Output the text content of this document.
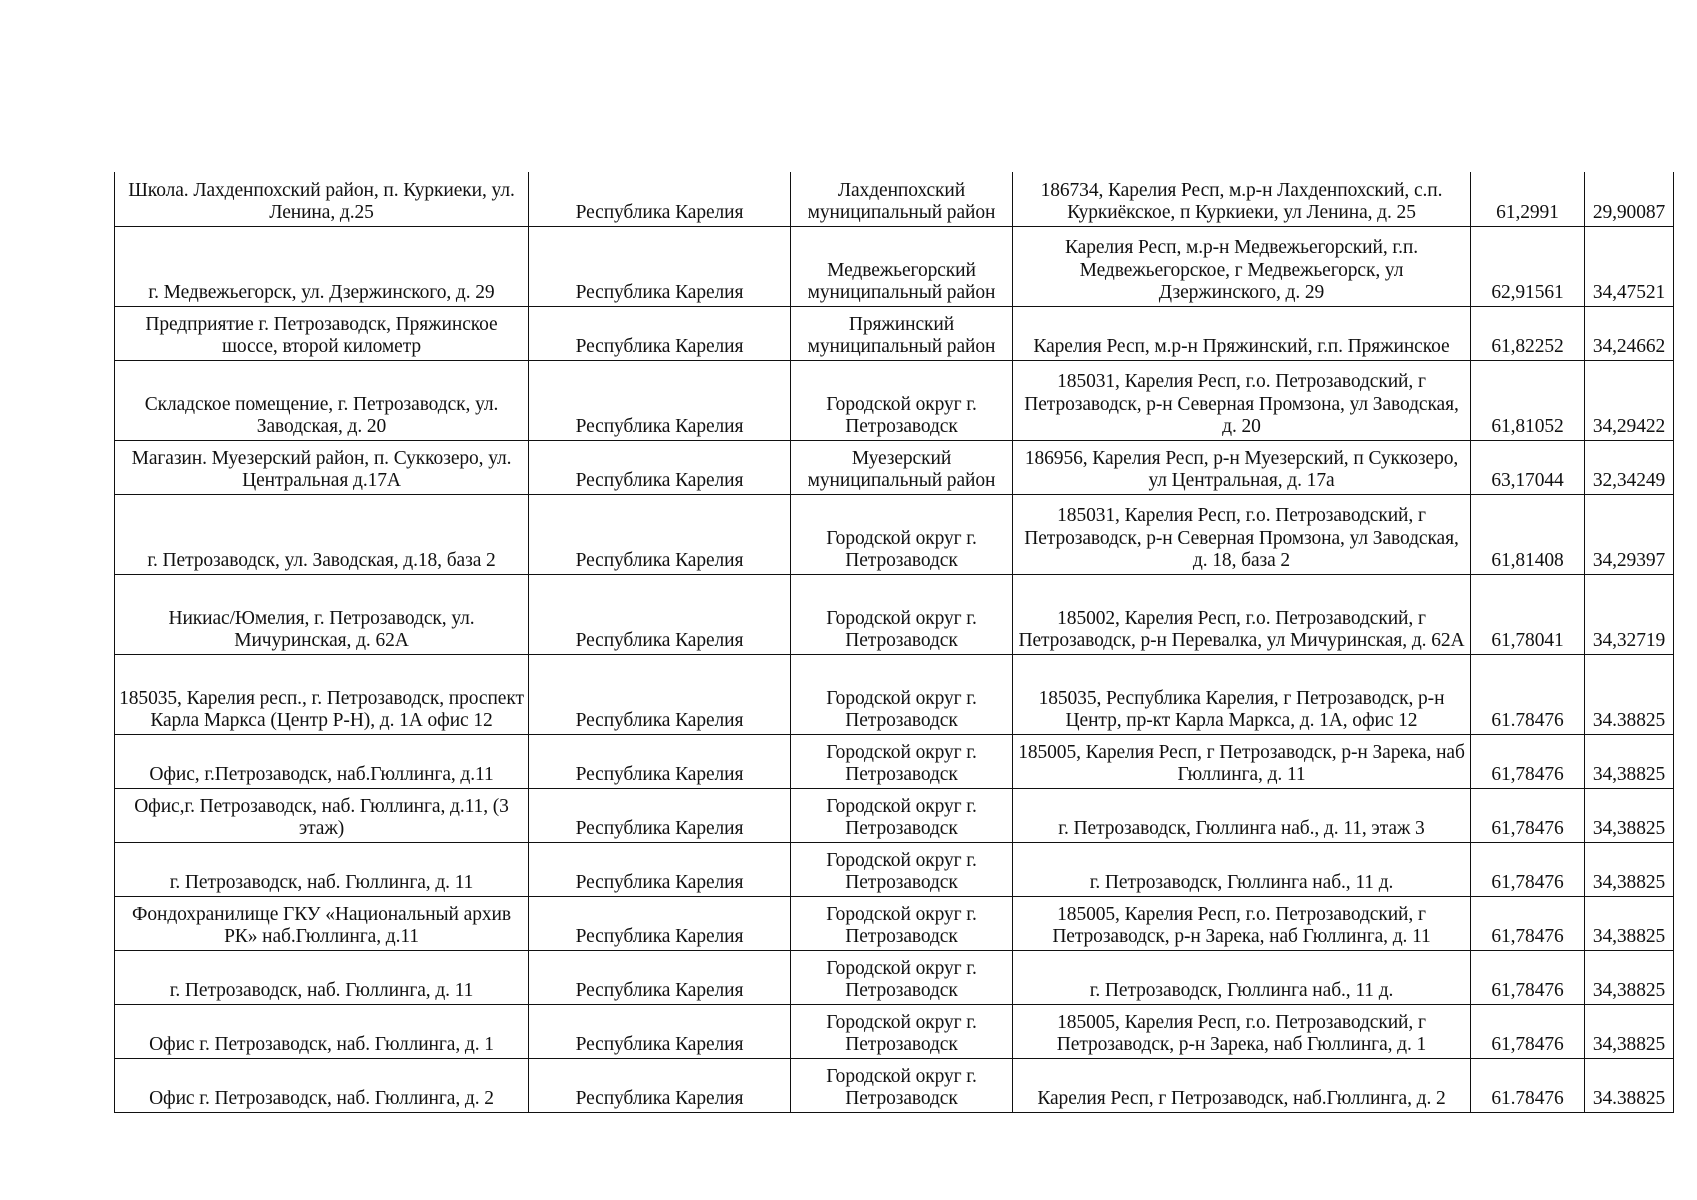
Школа. Лахденпохский район, п. Куркиеки, ул. Ленина, д.25	Республика Карелия	Лахденпохский муниципальный район	186734, Карелия Респ, м.р-н Лахденпохский, с.п. Куркиёкское, п Куркиеки, ул Ленина, д. 25	61,2991	29,90087
г. Медвежьегорск, ул. Дзержинского, д. 29	Республика Карелия	Медвежьегорский муниципальный район	Карелия Респ, м.р-н Медвежьегорский, г.п. Медвежьегорское, г Медвежьегорск, ул Дзержинского, д. 29	62,91561	34,47521
Предприятие г. Петрозаводск, Пряжинское шоссе, второй километр	Республика Карелия	Пряжинский муниципальный район	Карелия Респ, м.р-н Пряжинский, г.п. Пряжинское	61,82252	34,24662
Складское помещение, г. Петрозаводск, ул. Заводская, д. 20	Республика Карелия	Городской округ г. Петрозаводск	185031, Карелия Респ, г.о. Петрозаводский, г Петрозаводск, р-н Северная Промзона, ул Заводская, д. 20	61,81052	34,29422
Магазин. Муезерский район, п. Суккозеро, ул. Центральная д.17А	Республика Карелия	Муезерский муниципальный район	186956, Карелия Респ, р-н Муезерский, п Суккозеро, ул Центральная, д. 17а	63,17044	32,34249
г. Петрозаводск, ул. Заводская, д.18, база 2	Республика Карелия	Городской округ г. Петрозаводск	185031, Карелия Респ, г.о. Петрозаводский, г Петрозаводск, р-н Северная Промзона, ул Заводская, д. 18, база 2	61,81408	34,29397
Никиас/Юмелия, г. Петрозаводск, ул. Мичуринская, д. 62А	Республика Карелия	Городской округ г. Петрозаводск	185002, Карелия Респ, г.о. Петрозаводский, г Петрозаводск, р-н Перевалка, ул Мичуринская, д. 62А	61,78041	34,32719
185035, Карелия респ., г. Петрозаводск, проспект Карла Маркса (Центр Р-Н), д. 1А офис 12	Республика Карелия	Городской округ г. Петрозаводск	185035, Республика Карелия, г Петрозаводск, р-н Центр, пр-кт Карла Маркса, д. 1А, офис 12	61.78476	34.38825
Офис, г.Петрозаводск, наб.Гюллинга, д.11	Республика Карелия	Городской округ г. Петрозаводск	185005, Карелия Респ, г Петрозаводск, р-н Зарека, наб Гюллинга, д. 11	61,78476	34,38825
Офис,г. Петрозаводск, наб. Гюллинга, д.11, (3 этаж)	Республика Карелия	Городской округ г. Петрозаводск	г. Петрозаводск, Гюллинга наб., д. 11, этаж 3	61,78476	34,38825
г. Петрозаводск, наб. Гюллинга, д. 11	Республика Карелия	Городской округ г. Петрозаводск	г. Петрозаводск, Гюллинга наб., 11 д.	61,78476	34,38825
Фондохранилище ГКУ «Национальный архив РК» наб.Гюллинга, д.11	Республика Карелия	Городской округ г. Петрозаводск	185005, Карелия Респ, г.о. Петрозаводский, г Петрозаводск, р-н Зарека, наб Гюллинга, д. 11	61,78476	34,38825
г. Петрозаводск, наб. Гюллинга, д. 11	Республика Карелия	Городской округ г. Петрозаводск	г. Петрозаводск, Гюллинга наб., 11 д.	61,78476	34,38825
Офис г. Петрозаводск, наб. Гюллинга, д. 1	Республика Карелия	Городской округ г. Петрозаводск	185005, Карелия Респ, г.о. Петрозаводский, г Петрозаводск, р-н Зарека, наб Гюллинга, д. 1	61,78476	34,38825
Офис г. Петрозаводск, наб. Гюллинга, д. 2	Республика Карелия	Городской округ г. Петрозаводск	Карелия Респ, г Петрозаводск, наб.Гюллинга, д. 2	61.78476	34.38825
